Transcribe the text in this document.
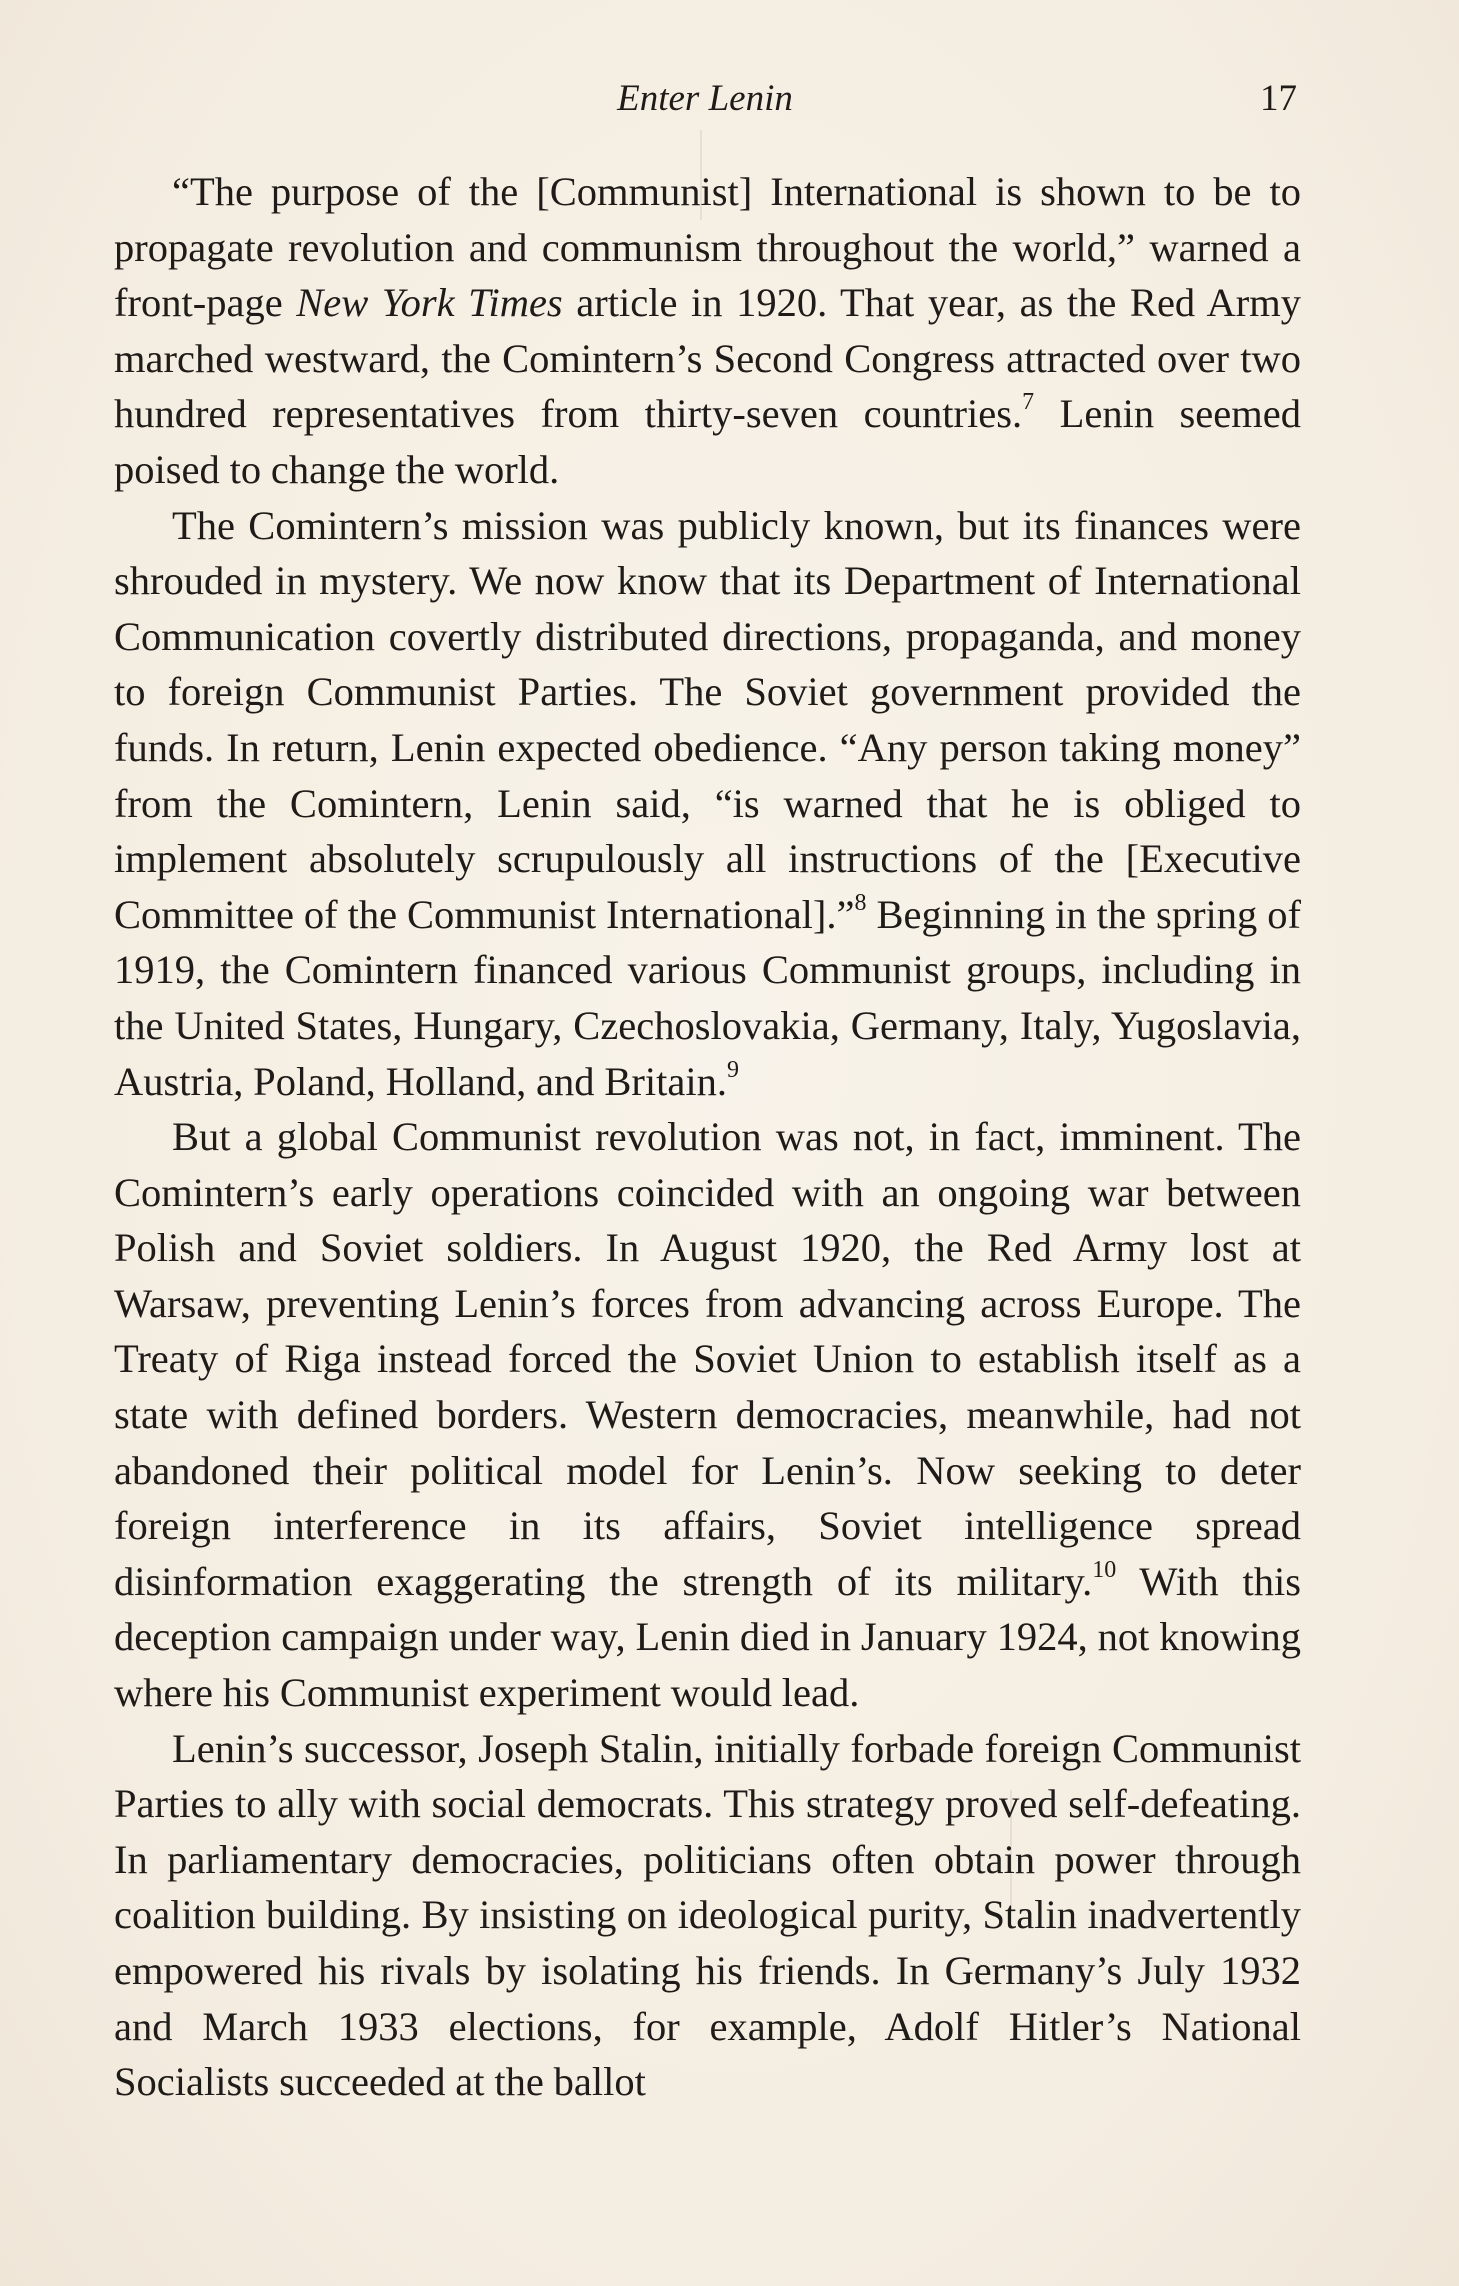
Enter Lenin	17

“The purpose of the [Communist] International is shown to be to propagate revolution and communism throughout the world,” warned a front-page New York Times article in 1920. That year, as the Red Army marched westward, the Comintern’s Second Congress attracted over two hundred representatives from thirty-seven countries.$^7$ Lenin seemed poised to change the world.

The Comintern’s mission was publicly known, but its finances were shrouded in mystery. We now know that its Department of International Communication covertly distributed directions, propaganda, and money to foreign Communist Parties. The Soviet government provided the funds. In return, Lenin expected obedience. “Any person taking money” from the Comintern, Lenin said, “is warned that he is obliged to implement absolutely scrupulously all instructions of the [Executive Committee of the Communist International].”$^8$ Beginning in the spring of 1919, the Comintern financed various Communist groups, including in the United States, Hungary, Czechoslovakia, Germany, Italy, Yugoslavia, Austria, Poland, Holland, and Britain.$^9$

But a global Communist revolution was not, in fact, imminent. The Comintern’s early operations coincided with an ongoing war between Polish and Soviet soldiers. In August 1920, the Red Army lost at Warsaw, preventing Lenin’s forces from advancing across Europe. The Treaty of Riga instead forced the Soviet Union to establish itself as a state with defined borders. Western democracies, meanwhile, had not abandoned their political model for Lenin’s. Now seeking to deter foreign interference in its affairs, Soviet intelligence spread disinformation exaggerating the strength of its military.$^{10}$ With this deception campaign under way, Lenin died in January 1924, not knowing where his Communist experiment would lead.

Lenin’s successor, Joseph Stalin, initially forbade foreign Communist Parties to ally with social democrats. This strategy proved self-defeating. In parliamentary democracies, politicians often obtain power through coalition building. By insisting on ideological purity, Stalin inadvertently empowered his rivals by isolating his friends. In Germany’s July 1932 and March 1933 elections, for example, Adolf Hitler’s National Socialists succeeded at the ballot
